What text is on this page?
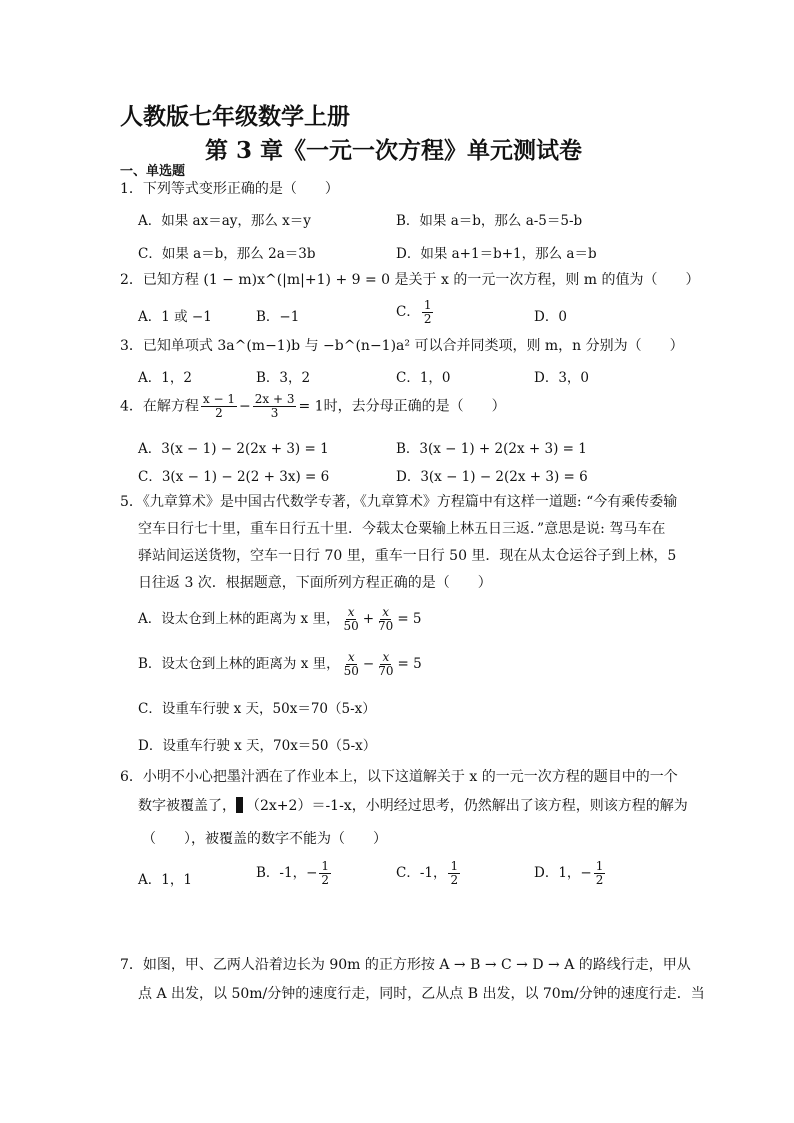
人教版七年级数学上册
第 3 章《一元一次方程》单元测试卷
一、单选题
1．下列等式变形正确的是（　　）
A．如果 ax＝ay，那么 x＝y	B．如果 a＝b，那么 a-5＝5-b
C．如果 a＝b，那么 2a＝3b	D．如果 a+1＝b+1，那么 a＝b
2．已知方程 (1 − m)x^(|m|+1) + 9 = 0 是关于 x 的一元一次方程，则 m 的值为（　　）
A．1 或 −1	B．−1	C． $\frac{1}{2}$	D．0
3．已知单项式 3a^(m−1)b 与 −b^(n−1)a² 可以合并同类项，则 m，n 分别为（　　）
A．1，2	B．3，2	C．1，0	D．3，0
4．在解方程 $\frac{x - 1}{2} - \frac{2x + 3}{3} = 1$时，去分母正确的是（　　）
A．3(x − 1) − 2(2x + 3) = 1	B．3(x − 1) + 2(2x + 3) = 1
C．3(x − 1) − 2(2 + 3x) = 6	D．3(x − 1) − 2(2x + 3) = 6
5．《九章算术》是中国古代数学专著，《九章算术》方程篇中有这样一道题: “今有乘传委输
空车日行七十里，重车日行五十里．今载太仓粟输上林五日三返．”意思是说: 驾马车在
驿站间运送货物，空车一日行 70 里，重车一日行 50 里．现在从太仓运谷子到上林，5
日往返 3 次．根据题意，下面所列方程正确的是（　　）
A．设太仓到上林的距离为 x 里， $\frac{x}{50} + \frac{x}{70} = 5$
B．设太仓到上林的距离为 x 里， $\frac{x}{50} - \frac{x}{70} = 5$
C．设重车行驶 x 天，50x＝70（5-x）
D．设重车行驶 x 天，70x＝50（5-x）
6．小明不小心把墨汁洒在了作业本上，以下这道解关于 x 的一元一次方程的题目中的一个
数字被覆盖了， （2x+2）＝-1-x，小明经过思考，仍然解出了该方程，则该方程的解为
（　　），被覆盖的数字不能为（　　）
A．1，1	B．-1，− $\frac{1}{2}$	C．-1， $\frac{1}{2}$	D．1，− $\frac{1}{2}$
7．如图，甲、乙两人沿着边长为 90m 的正方形按 A → B → C → D → A 的路线行走，甲从
点 A 出发，以 50m/分钟的速度行走，同时，乙从点 B 出发，以 70m/分钟的速度行走．当
